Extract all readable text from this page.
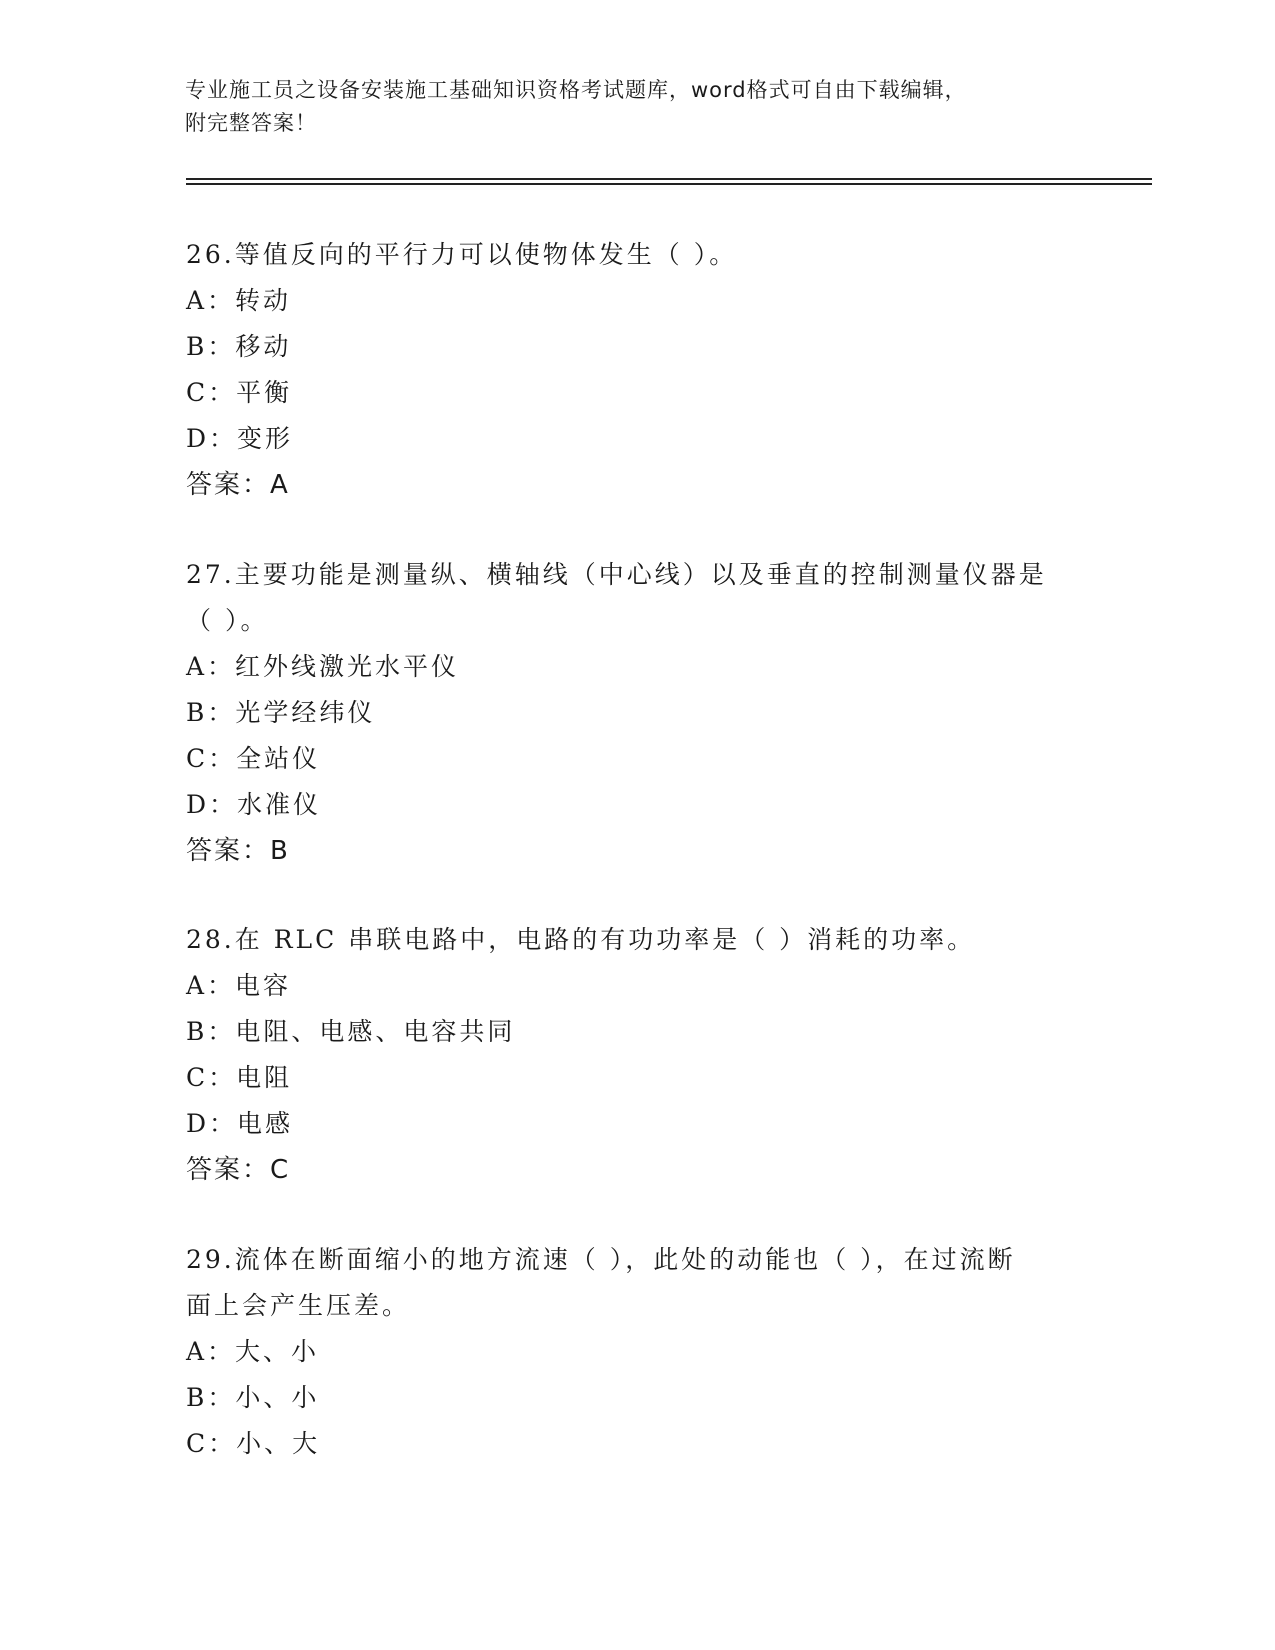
专业施工员之设备安装施工基础知识资格考试题库，word格式可自由下载编辑，
附完整答案！
26.等值反向的平行力可以使物体发生（ ）。
A：转动
B：移动
C：平衡
D：变形
答案：A
27.主要功能是测量纵、横轴线（中心线）以及垂直的控制测量仪器是
（ ）。
A：红外线激光水平仪
B：光学经纬仪
C：全站仪
D：水准仪
答案：B
28.在 RLC 串联电路中，电路的有功功率是（ ）消耗的功率。
A：电容
B：电阻、电感、电容共同
C：电阻
D：电感
答案：C
29.流体在断面缩小的地方流速（ ），此处的动能也（ ），在过流断
面上会产生压差。
A：大、小
B：小、小
C：小、大
